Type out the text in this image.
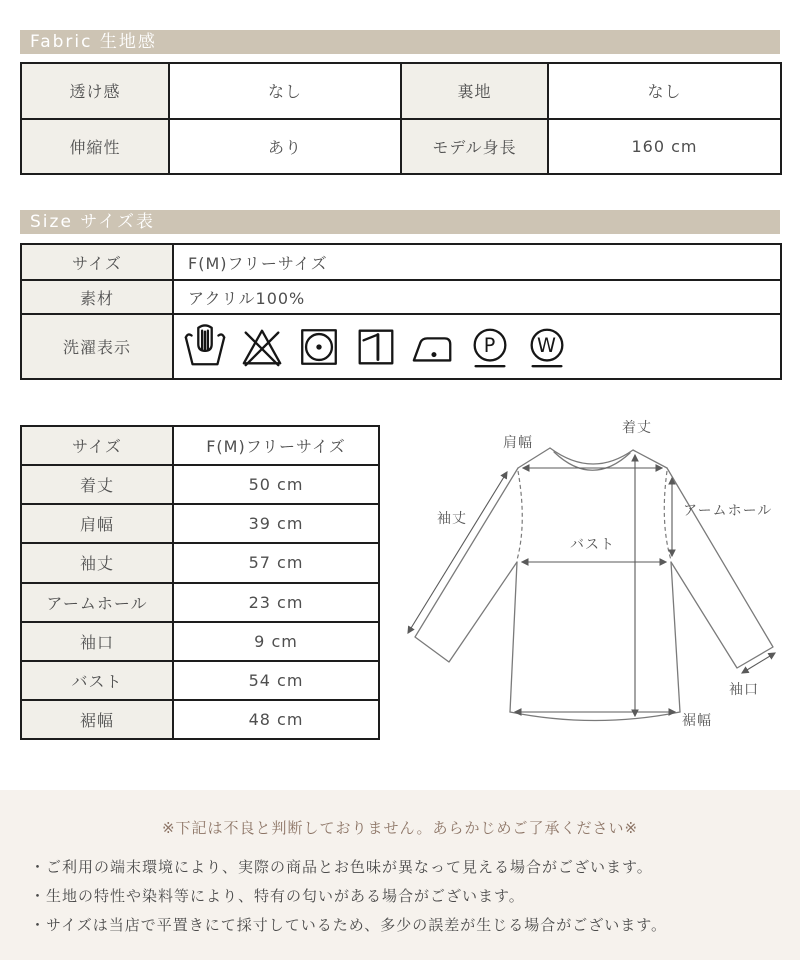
Fabric 生地感
透け感	なし	裏地	なし
伸縮性	あり	モデル身長	160 cm
Size サイズ表
サイズ	F(M)フリーサイズ
素材	アクリル100%
洗濯表示	P W
サイズ	F(M)フリーサイズ
着丈	50 cm
肩幅	39 cm
袖丈	57 cm
アームホール	23 cm
袖口	9 cm
バスト	54 cm
裾幅	48 cm
肩幅
着丈
袖丈	アームホール
バスト
袖口
裾幅
※下記は不良と判断しておりません。あらかじめご了承ください※
・ご利用の端末環境により、実際の商品とお色味が異なって見える場合がございます。
・生地の特性や染料等により、特有の匂いがある場合がございます。
・サイズは当店で平置きにて採寸しているため、多少の誤差が生じる場合がございます。
